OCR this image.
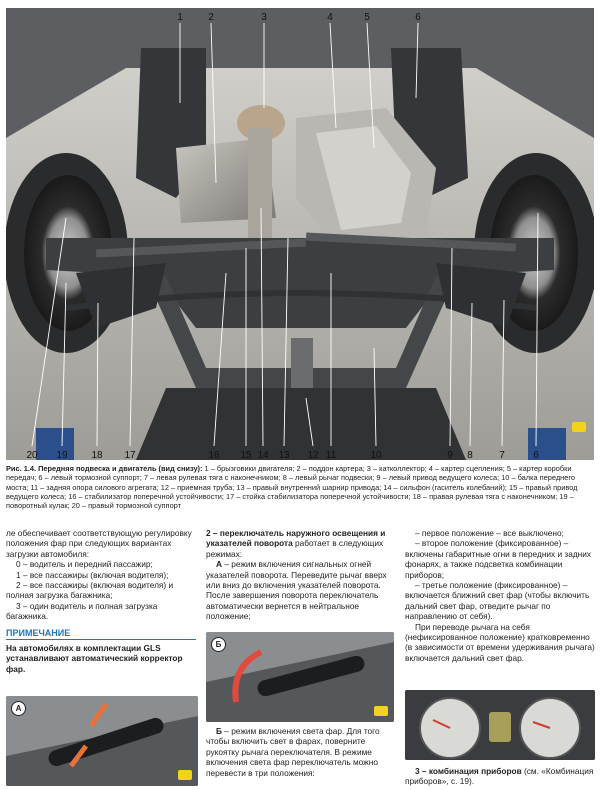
1	2	3	4	5	6
20 19 18 17	16 15 14 13 12 11	10	9 8	7	6
Рис. 1.4. Передняя подвеска и двигатель (вид снизу): 1 – брызговики двигателя; 2 – поддон картера; 3 – катколлектор; 4 – картер сцепления; 5 – картер коробки передач; 6 – левый тормозной суппорт; 7 – левая рулевая тяга с наконечником; 8 – левый рычаг подвески; 9 – левый привод ведущего колеса; 10 – балка переднего моста; 11 – задняя опора силового агрегата; 12 – приемная труба; 13 – правый внутренний шарнир привода; 14 – сильфон (гаситель колебаний); 15 – правый привод ведущего колеса; 16 – стабилизатор поперечной устойчивости; 17 – стойка стабилизатора поперечной устойчивости; 18 – правая рулевая тяга с наконечником; 19 – поворотный кулак; 20 – правый тормозной суппорт

ле обеспечивает соответствующую регулировку положения фар при следующих вариантах загрузки автомобиля:

0 – водитель и передний пассажир;

1 – все пассажиры (включая водителя);

2 – все пассажиры (включая водителя) и полная загрузка багажника;

3 – один водитель и полная загрузка багажника.

ПРИМЕЧАНИЕ

На автомобилях в комплектации GLS устанавливают автоматический корректор фар.

А

2 – переключатель наружного освещения и указателей поворота работает в следующих режимах:

А – режим включения сигнальных огней указателей поворота. Переведите рычаг вверх или вниз до включения указателей поворота. После завершения поворота переключатель автоматически вернется в нейтральное положение;

Б

Б – режим включения света фар. Для того чтобы включить свет в фарах, поверните рукоятку рычага переключателя. В режиме включения света фар переключатель можно перевести в три положения:

– первое положение – все выключено;

– второе положение (фиксированное) – включены габаритные огни в передних и задних фонарях, а также подсветка комбинации приборов;

– третье положение (фиксированное) – включается ближний свет фар (чтобы включить дальний свет фар, отведите рычаг по направлению от себя).

При переводе рычага на себя (нефиксированное положение) кратковременно (в зависимости от времени удерживания рычага) включается дальний свет фар.

3 – комбинация приборов (см. «Комбинация приборов», с. 19).
